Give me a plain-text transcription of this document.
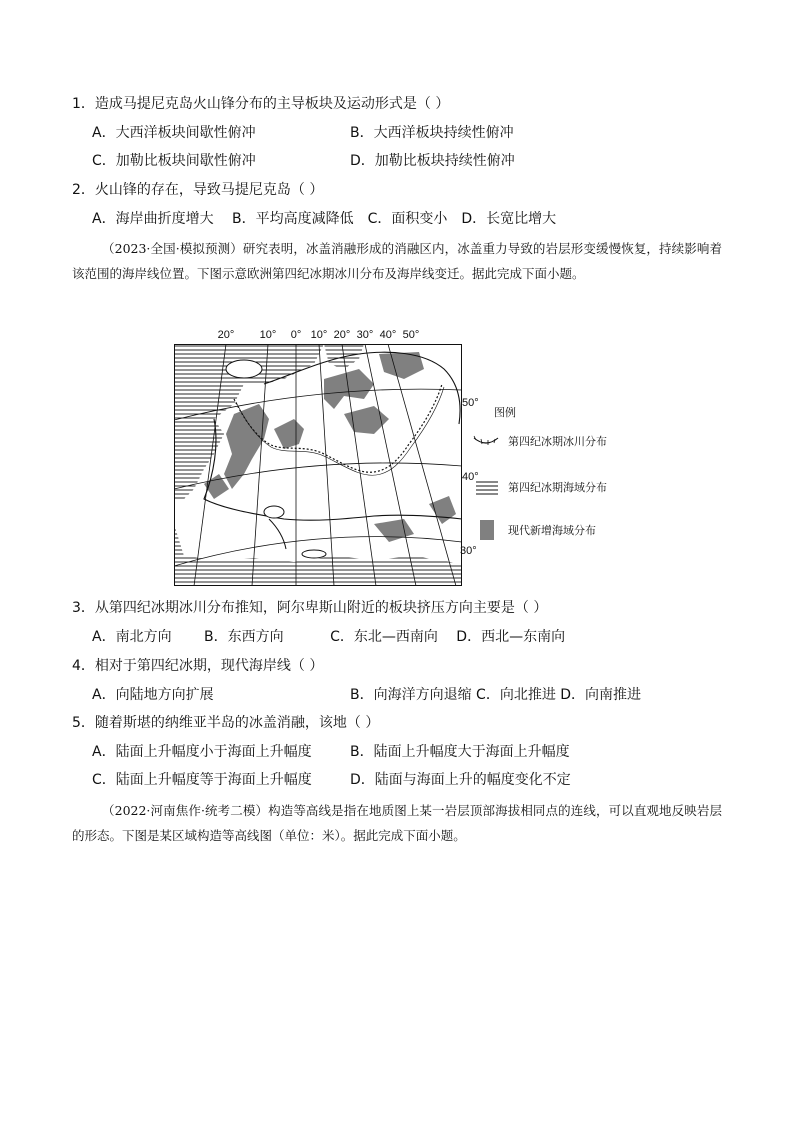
1．造成马提尼克岛火山锋分布的主导板块及运动形式是（ ）
A．大西洋板块间歇性俯冲	B．大西洋板块持续性俯冲
C．加勒比板块间歇性俯冲	D．加勒比板块持续性俯冲
2．火山锋的存在，导致马提尼克岛（ ）
A．海岸曲折度增大　 B．平均高度减降低　C．面积变小　D．长宽比增大
（2023·全国·模拟预测）研究表明，冰盖消融形成的消融区内，冰盖重力导致的岩层形变缓慢恢复，持续影响着该范围的海岸线位置。下图示意欧洲第四纪冰期冰川分布及海岸线变迁。据此完成下面小题。
20° 10° 0° 10° 20° 30° 40° 50°
50°
40°
30°
图例
第四纪冰期冰川分布
第四纪冰期海域分布
现代新增海域分布
3．从第四纪冰期冰川分布推知，阿尔卑斯山附近的板块挤压方向主要是（ ）
A．南北方向　　 B．东西方向　　　 C．东北—西南向　 D．西北—东南向
4．相对于第四纪冰期，现代海岸线（ ）
A．向陆地方向扩展	B．向海洋方向退缩 C．向北推进 D．向南推进
5．随着斯堪的纳维亚半岛的冰盖消融，该地（ ）
A．陆面上升幅度小于海面上升幅度	B．陆面上升幅度大于海面上升幅度
C．陆面上升幅度等于海面上升幅度	D．陆面与海面上升的幅度变化不定
（2022·河南焦作·统考二模）构造等高线是指在地质图上某一岩层顶部海拔相同点的连线，可以直观地反映岩层的形态。下图是某区域构造等高线图（单位：米）。据此完成下面小题。
